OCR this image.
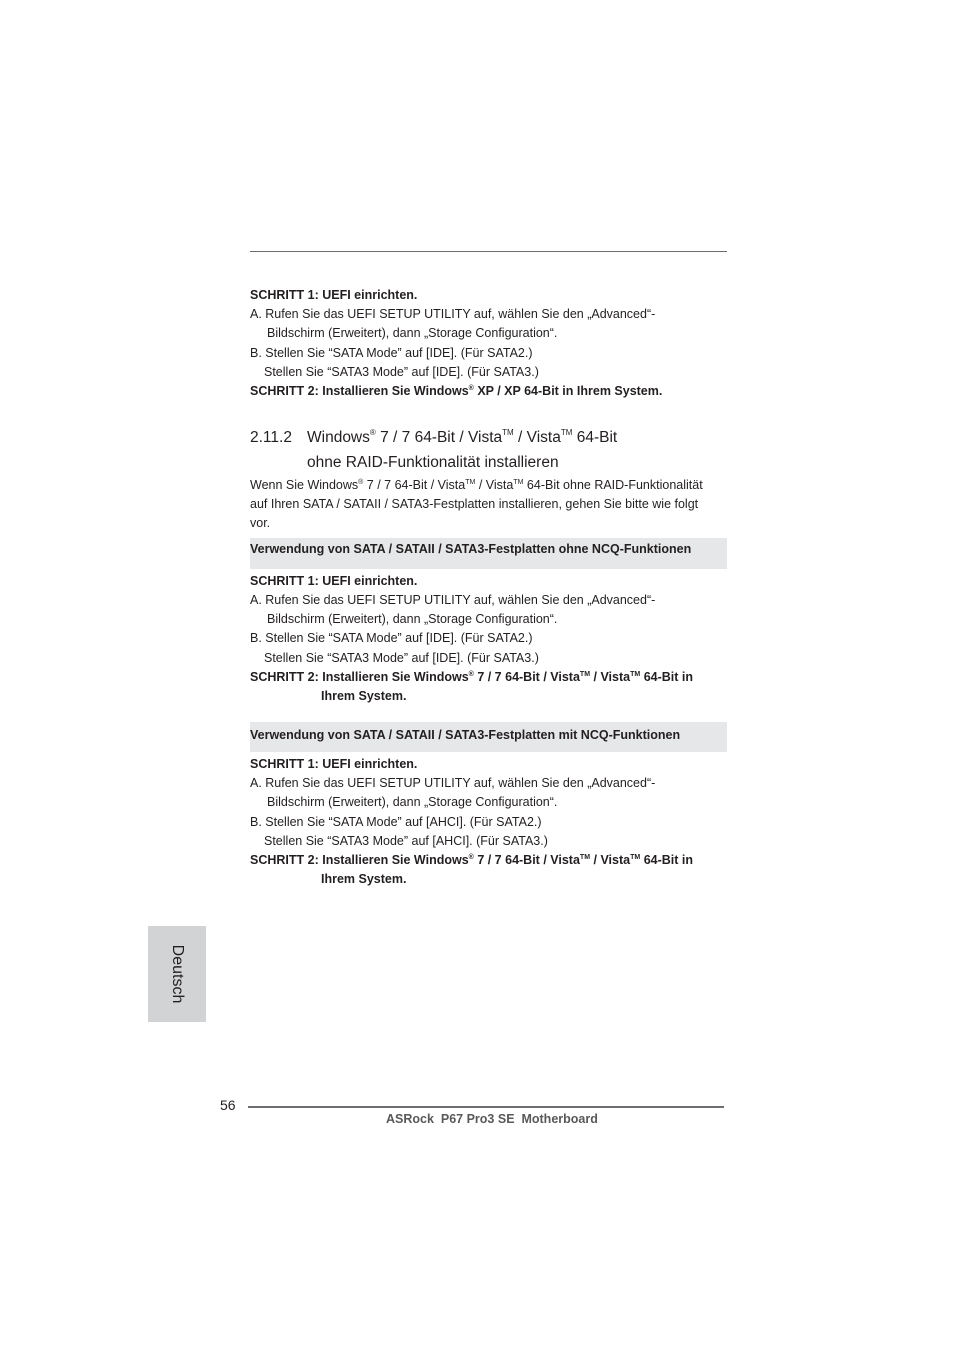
SCHRITT 1: UEFI einrichten.
A. Rufen Sie das UEFI SETUP UTILITY auf, wählen Sie den „Advanced“-
Bildschirm (Erweitert), dann „Storage Configuration“.
B. Stellen Sie “SATA Mode” auf [IDE]. (Für SATA2.)
Stellen Sie “SATA3 Mode” auf [IDE]. (Für SATA3.)
SCHRITT 2: Installieren Sie Windows® XP / XP 64-Bit in Ihrem System.
2.11.2 Windows® 7 / 7 64-Bit / Vista™ / Vista™ 64-Bit
ohne RAID-Funktionalität installieren
Wenn Sie Windows® 7 / 7 64-Bit / Vista™ / Vista™ 64-Bit ohne RAID-Funktionalität
auf Ihren SATA / SATAII / SATA3-Festplatten installieren, gehen Sie bitte wie folgt
vor.
Verwendung von SATA / SATAII / SATA3-Festplatten ohne NCQ-Funktionen
SCHRITT 1: UEFI einrichten.
A. Rufen Sie das UEFI SETUP UTILITY auf, wählen Sie den „Advanced“-
Bildschirm (Erweitert), dann „Storage Configuration“.
B. Stellen Sie “SATA Mode” auf [IDE]. (Für SATA2.)
Stellen Sie “SATA3 Mode” auf [IDE]. (Für SATA3.)
SCHRITT 2: Installieren Sie Windows® 7 / 7 64-Bit / Vista™ / Vista™ 64-Bit in
Ihrem System.
Verwendung von SATA / SATAII / SATA3-Festplatten mit NCQ-Funktionen
SCHRITT 1: UEFI einrichten.
A. Rufen Sie das UEFI SETUP UTILITY auf, wählen Sie den „Advanced“-
Bildschirm (Erweitert), dann „Storage Configuration“.
B. Stellen Sie “SATA Mode” auf [AHCI]. (Für SATA2.)
Stellen Sie “SATA3 Mode” auf [AHCI]. (Für SATA3.)
SCHRITT 2: Installieren Sie Windows® 7 / 7 64-Bit / Vista™ / Vista™ 64-Bit in
Ihrem System.
Deutsch
56
ASRock  P67 Pro3 SE  Motherboard
